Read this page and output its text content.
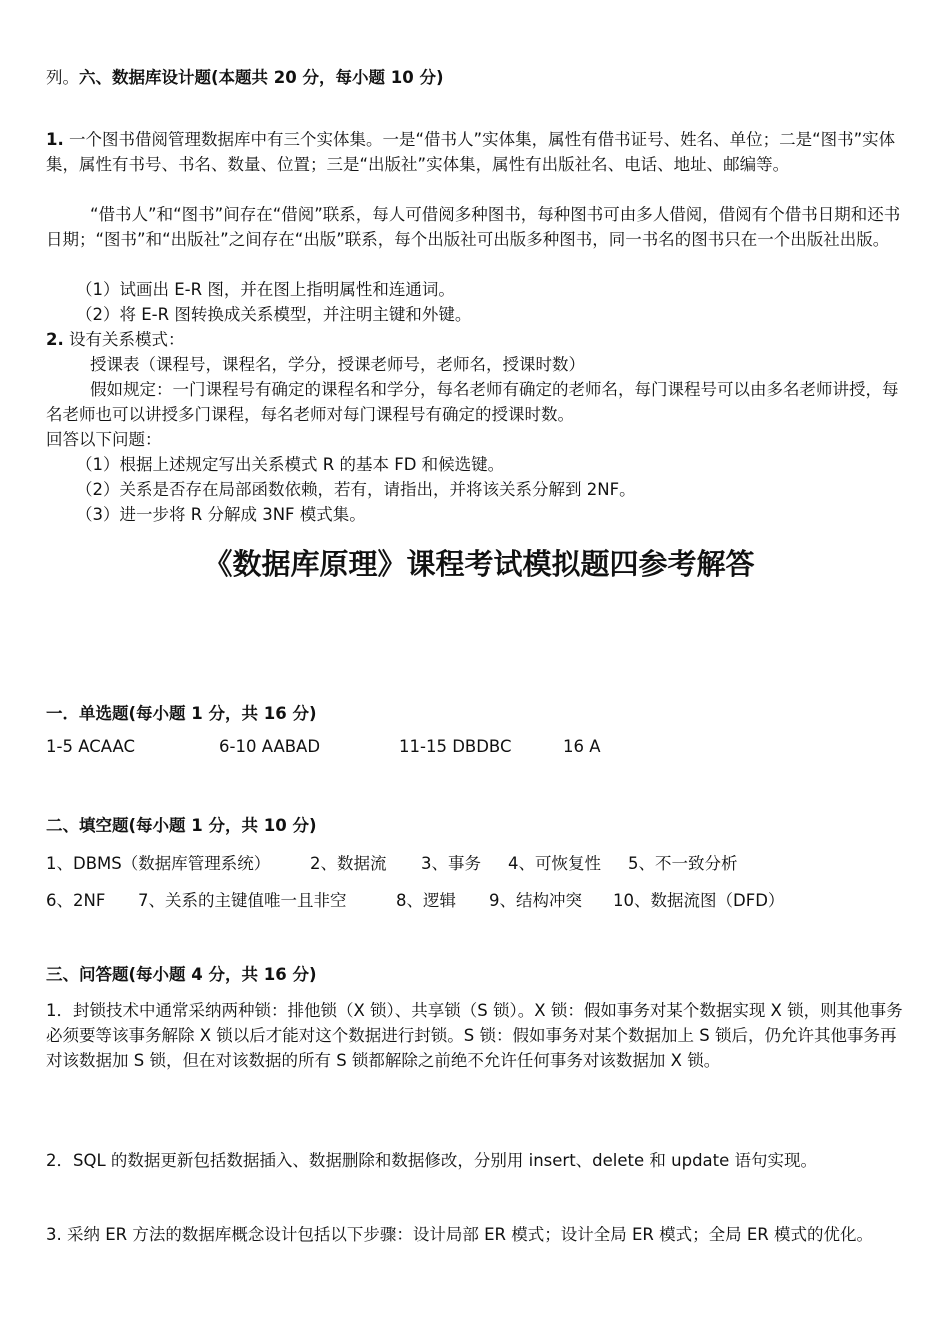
列。六、数据库设计题(本题共 20 分，每小题 10 分)
1. 一个图书借阅管理数据库中有三个实体集。一是“借书人”实体集，属性有借书证号、姓名、单位；二是“图书”实体集，属性有书号、书名、数量、位置；三是“出版社”实体集，属性有出版社名、电话、地址、邮编等。
“借书人”和“图书”间存在“借阅”联系，每人可借阅多种图书，每种图书可由多人借阅，借阅有个借书日期和还书日期；“图书”和“出版社”之间存在“出版”联系，每个出版社可出版多种图书，同一书名的图书只在一个出版社出版。
（1）试画出 E-R 图，并在图上指明属性和连通词。
（2）将 E-R 图转换成关系模型，并注明主键和外键。
2. 设有关系模式：
授课表（课程号，课程名，学分，授课老师号，老师名，授课时数）
假如规定：一门课程号有确定的课程名和学分，每名老师有确定的老师名，每门课程号可以由多名老师讲授，每名老师也可以讲授多门课程，每名老师对每门课程号有确定的授课时数。
回答以下问题：
（1）根据上述规定写出关系模式 R 的基本 FD 和候选键。
（2）关系是否存在局部函数依赖，若有，请指出，并将该关系分解到 2NF。
（3）进一步将 R 分解成 3NF 模式集。
《数据库原理》课程考试模拟题四参考解答
一．单选题(每小题 1 分，共 16 分)
1-5 ACAAC	6-10 AABAD	11-15 DBDBC	16 A
二、填空题(每小题 1 分，共 10 分)
1、DBMS（数据库管理系统） 2、数据流 3、事务 4、可恢复性 5、不一致分析
6、2NF 7、关系的主键值唯一且非空	8、逻辑 9、结构冲突 10、数据流图（DFD）
三、问答题(每小题 4 分，共 16 分)
1．封锁技术中通常采纳两种锁：排他锁（X 锁）、共享锁（S 锁）。X 锁：假如事务对某个数据实现 X 锁，则其他事务必须要等该事务解除 X 锁以后才能对这个数据进行封锁。S 锁：假如事务对某个数据加上 S 锁后，仍允许其他事务再对该数据加 S 锁，但在对该数据的所有 S 锁都解除之前绝不允许任何事务对该数据加 X 锁。
2．SQL 的数据更新包括数据插入、数据删除和数据修改，分别用 insert、delete 和 update 语句实现。
3. 采纳 ER 方法的数据库概念设计包括以下步骤：设计局部 ER 模式；设计全局 ER 模式；全局 ER 模式的优化。
